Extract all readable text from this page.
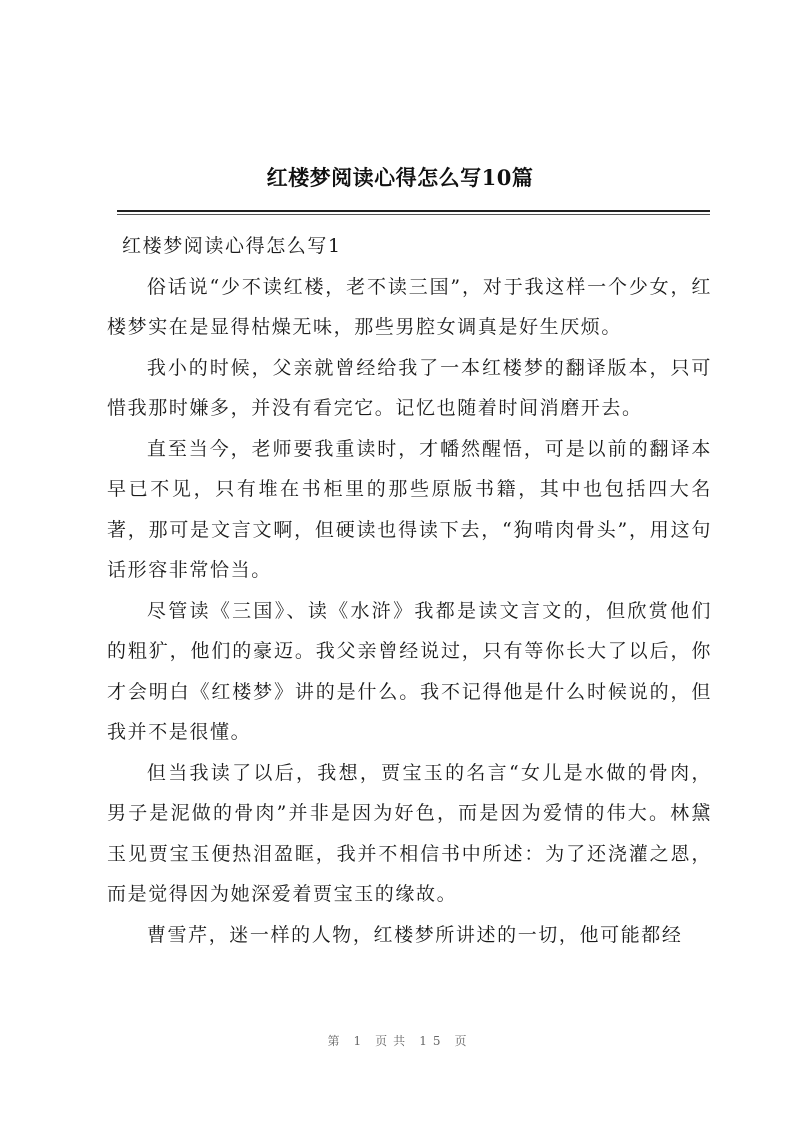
红楼梦阅读心得怎么写10篇

红楼梦阅读心得怎么写1

俗话说“少不读红楼，老不读三国”，对于我这样一个少女，红楼梦实在是显得枯燥无味，那些男腔女调真是好生厌烦。

我小的时候，父亲就曾经给我了一本红楼梦的翻译版本，只可惜我那时嫌多，并没有看完它。记忆也随着时间消磨开去。

直至当今，老师要我重读时，才幡然醒悟，可是以前的翻译本早已不见，只有堆在书柜里的那些原版书籍，其中也包括四大名著，那可是文言文啊，但硬读也得读下去，“狗啃肉骨头”，用这句话形容非常恰当。

尽管读《三国》、读《水浒》我都是读文言文的，但欣赏他们的粗犷，他们的豪迈。我父亲曾经说过，只有等你长大了以后，你才会明白《红楼梦》讲的是什么。我不记得他是什么时候说的，但我并不是很懂。

但当我读了以后，我想，贾宝玉的名言“女儿是水做的骨肉，男子是泥做的骨肉”并非是因为好色，而是因为爱情的伟大。林黛玉见贾宝玉便热泪盈眶，我并不相信书中所述：为了还浇灌之恩，而是觉得因为她深爱着贾宝玉的缘故。

曹雪芹，迷一样的人物，红楼梦所讲述的一切，他可能都经

第 1 页共 15 页
